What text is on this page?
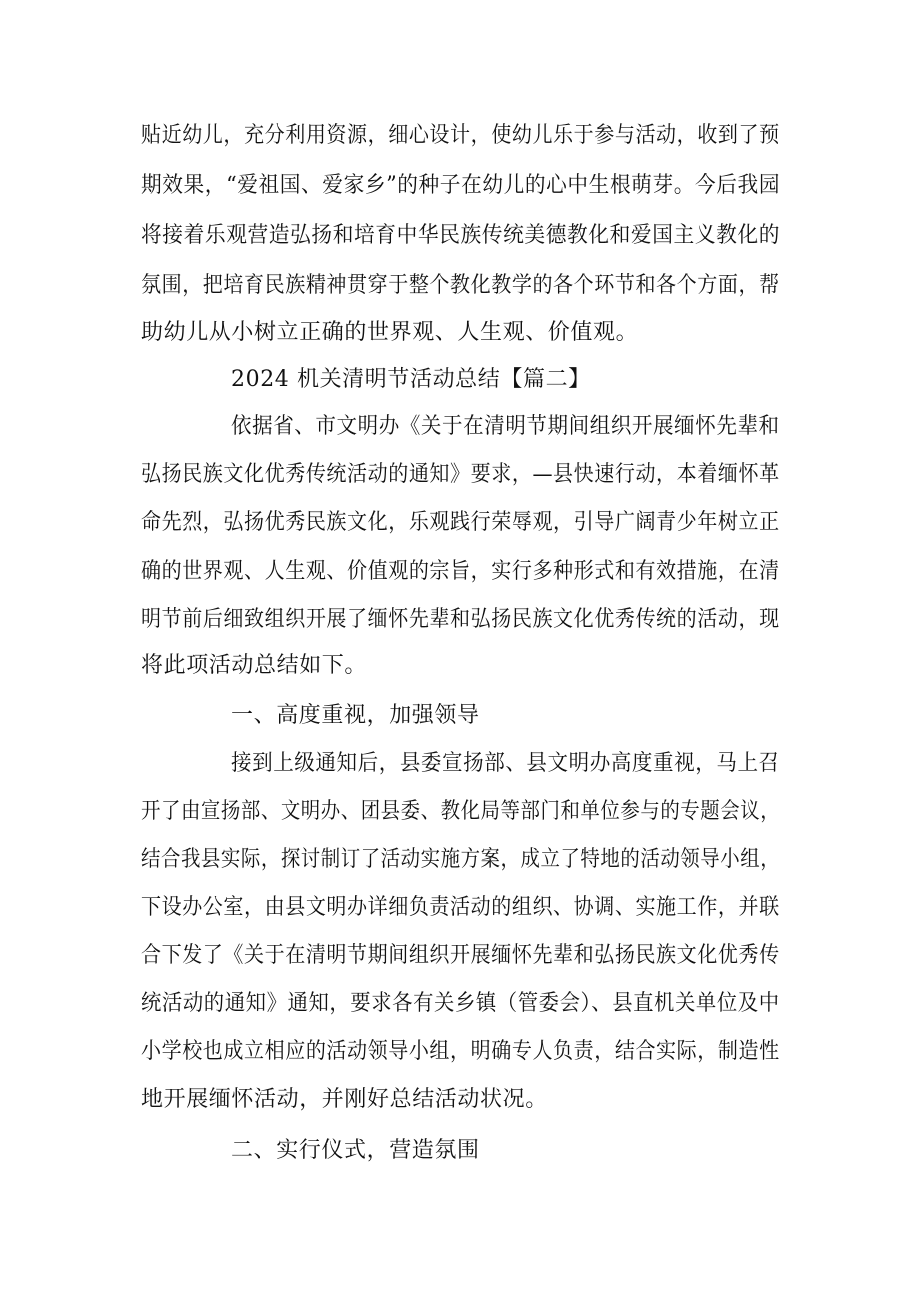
贴近幼儿，充分利用资源，细心设计，使幼儿乐于参与活动，收到了预
期效果，“爱祖国、爱家乡”的种子在幼儿的心中生根萌芽。今后我园
将接着乐观营造弘扬和培育中华民族传统美德教化和爱国主义教化的
氛围，把培育民族精神贯穿于整个教化教学的各个环节和各个方面，帮
助幼儿从小树立正确的世界观、人生观、价值观。
2024 机关清明节活动总结【篇二】
依据省、市文明办《关于在清明节期间组织开展缅怀先辈和
弘扬民族文化优秀传统活动的通知》要求，—县快速行动，本着缅怀革
命先烈，弘扬优秀民族文化，乐观践行荣辱观，引导广阔青少年树立正
确的世界观、人生观、价值观的宗旨，实行多种形式和有效措施，在清
明节前后细致组织开展了缅怀先辈和弘扬民族文化优秀传统的活动，现
将此项活动总结如下。
一、高度重视，加强领导
接到上级通知后，县委宣扬部、县文明办高度重视，马上召
开了由宣扬部、文明办、团县委、教化局等部门和单位参与的专题会议，
结合我县实际，探讨制订了活动实施方案，成立了特地的活动领导小组，
下设办公室，由县文明办详细负责活动的组织、协调、实施工作，并联
合下发了《关于在清明节期间组织开展缅怀先辈和弘扬民族文化优秀传
统活动的通知》通知，要求各有关乡镇（管委会）、县直机关单位及中
小学校也成立相应的活动领导小组，明确专人负责，结合实际，制造性
地开展缅怀活动，并刚好总结活动状况。
二、实行仪式，营造氛围
